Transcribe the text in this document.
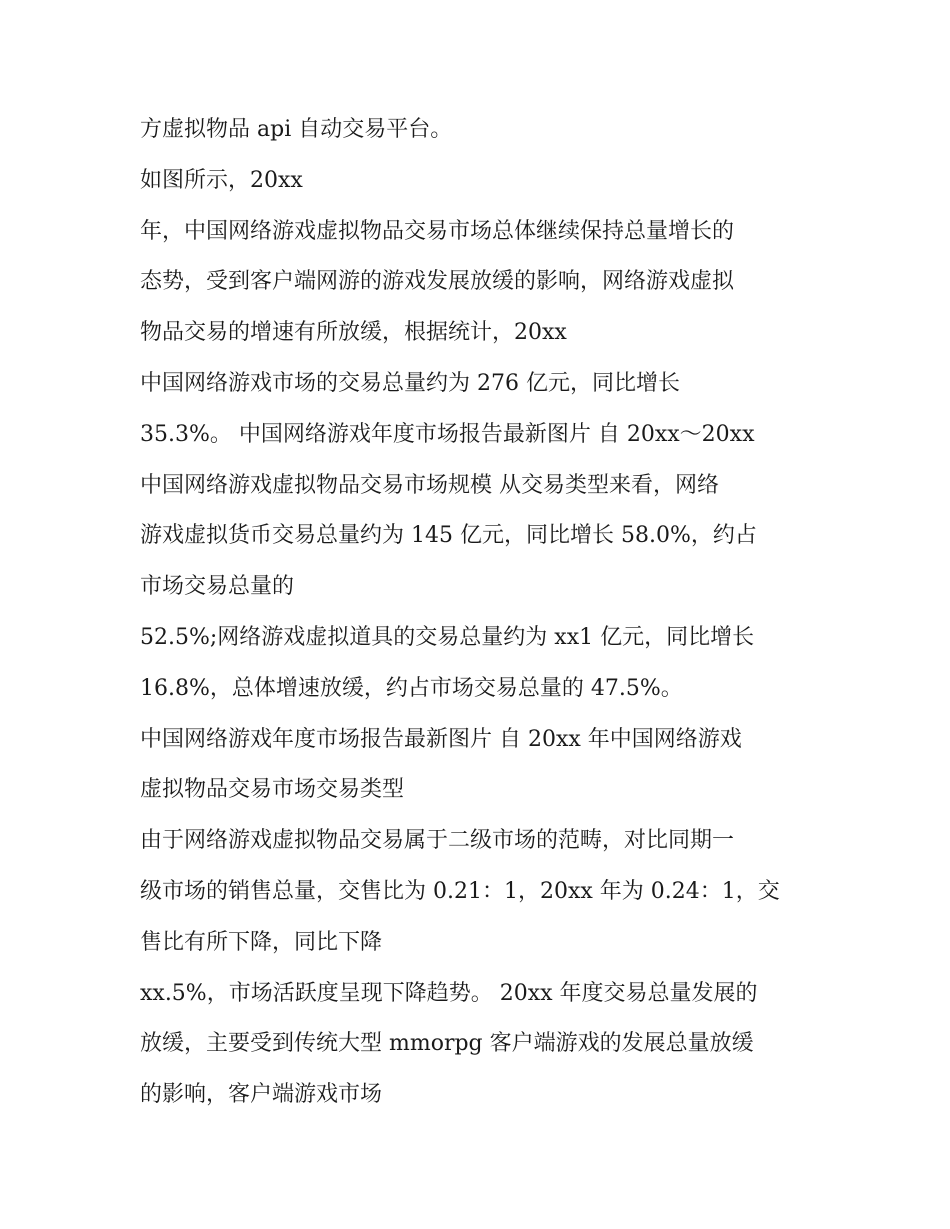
方虚拟物品 api 自动交易平台。

如图所示，20xx

年，中国网络游戏虚拟物品交易市场总体继续保持总量增长的

态势，受到客户端网游的游戏发展放缓的影响，网络游戏虚拟

物品交易的增速有所放缓，根据统计，20xx

中国网络游戏市场的交易总量约为 276 亿元，同比增长

35.3%。 中国网络游戏年度市场报告最新图片 自 20xx～20xx

中国网络游戏虚拟物品交易市场规模 从交易类型来看，网络

游戏虚拟货币交易总量约为 145 亿元，同比增长 58.0%，约占

市场交易总量的

52.5%;网络游戏虚拟道具的交易总量约为 xx1 亿元，同比增长

16.8%，总体增速放缓，约占市场交易总量的 47.5%。

中国网络游戏年度市场报告最新图片 自 20xx 年中国网络游戏

虚拟物品交易市场交易类型

由于网络游戏虚拟物品交易属于二级市场的范畴，对比同期一

级市场的销售总量，交售比为 0.21：1，20xx 年为 0.24：1，交

售比有所下降，同比下降

xx.5%，市场活跃度呈现下降趋势。 20xx 年度交易总量发展的

放缓，主要受到传统大型 mmorpg 客户端游戏的发展总量放缓

的影响，客户端游戏市场
